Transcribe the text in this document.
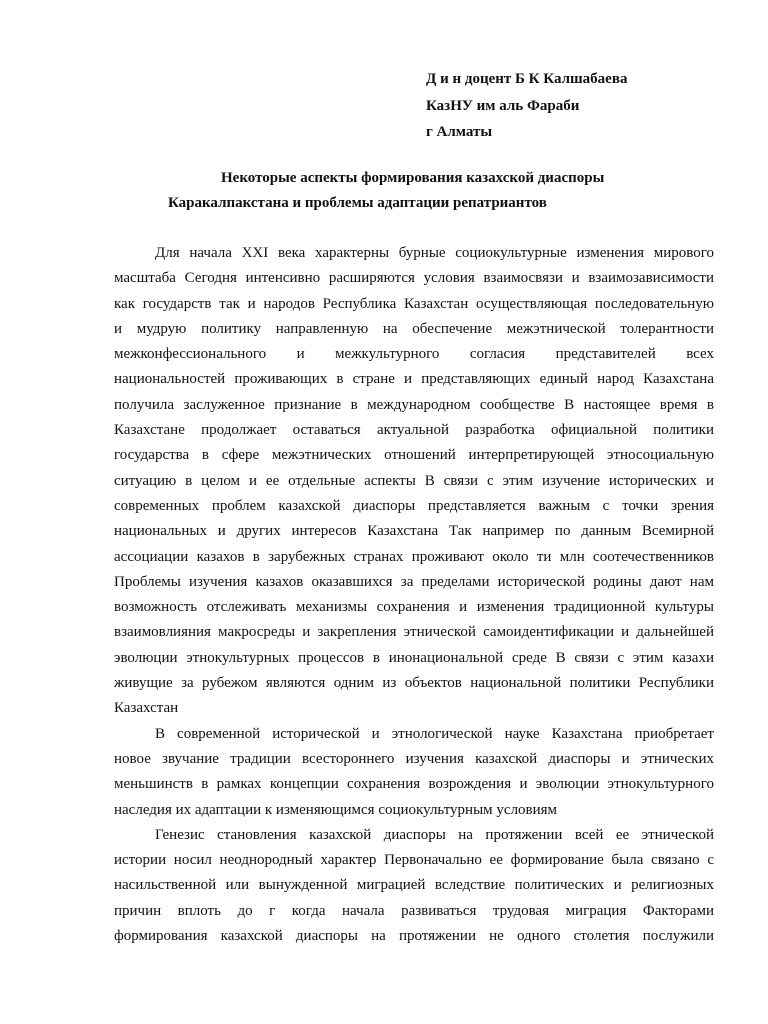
Д и н доцент Б К Калшабаева
КазНУ им аль Фараби
г Алматы
Некоторые аспекты формирования казахской диаспоры
Каракалпакстана и проблемы адаптации репатриантов
Для начала XXI века характерны бурные социокультурные изменения мирового
масштаба Сегодня интенсивно расширяются условия взаимосвязи и взаимозависимости
как государств так и народов Республика Казахстан осуществляющая последовательную
и мудрую политику направленную на обеспечение межэтнической толерантности
межконфессионального и межкультурного согласия представителей всех
национальностей проживающих в стране и представляющих единый народ Казахстана
получила заслуженное признание в международном сообществе В настоящее время в
Казахстане продолжает оставаться актуальной разработка официальной политики
государства в сфере межэтнических отношений интерпретирующей этносоциальную
ситуацию в целом и ее отдельные аспекты В связи с этим изучение исторических и
современных проблем казахской диаспоры представляется важным с точки зрения
национальных и других интересов Казахстана Так например по данным Всемирной
ассоциации казахов в зарубежных странах проживают около ти млн соотечественников
Проблемы изучения казахов оказавшихся за пределами исторической родины дают нам
возможность отслеживать механизмы сохранения и изменения традиционной культуры
взаимовлияния макросреды и закрепления этнической самоидентификации и дальнейшей
эволюции этнокультурных процессов в инонациональной среде В связи с этим казахи
живущие за рубежом являются одним из объектов национальной политики Республики
Казахстан
В современной исторической и этнологической науке Казахстана приобретает
новое звучание традиции всестороннего изучения казахской диаспоры и этнических
меньшинств в рамках концепции сохранения возрождения и эволюции этнокультурного
наследия их адаптации к изменяющимся социокультурным условиям
Генезис становления казахской диаспоры на протяжении всей ее этнической
истории носил неоднородный характер Первоначально ее формирование была связано с
насильственной или вынужденной миграцией вследствие политических и религиозных
причин вплоть до г когда начала развиваться трудовая миграция Факторами
формирования казахской диаспоры на протяжении не одного столетия послужили
